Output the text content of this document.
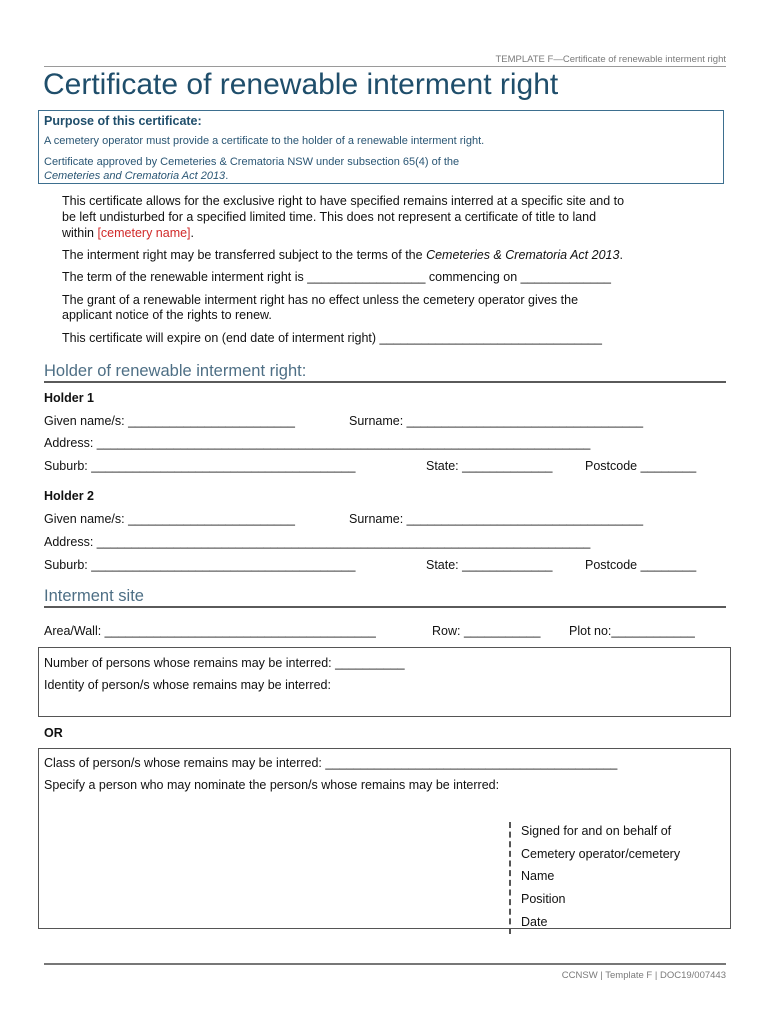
TEMPLATE F—Certificate of renewable interment right
Certificate of renewable interment right
Purpose of this certificate:
A cemetery operator must provide a certificate to the holder of a renewable interment right.
Certificate approved by Cemeteries & Crematoria NSW under subsection 65(4) of the
Cemeteries and Crematoria Act 2013.
This certificate allows for the exclusive right to have specified remains interred at a specific site and to
be left undisturbed for a specified limited time. This does not represent a certificate of title to land
within [cemetery name].
The interment right may be transferred subject to the terms of the Cemeteries & Crematoria Act 2013.
The term of the renewable interment right is _________________ commencing on _____________
The grant of a renewable interment right has no effect unless the cemetery operator gives the
applicant notice of the rights to renew.
This certificate will expire on (end date of interment right) ________________________________
Holder of renewable interment right:
Holder 1
Given name/s: ________________________	Surname: __________________________________
Address: _______________________________________________________________________
Suburb: ______________________________________	State: _____________	Postcode ________
Holder 2
Given name/s: ________________________	Surname: __________________________________
Address: _______________________________________________________________________
Suburb: ______________________________________	State: _____________	Postcode ________
Interment site
Area/Wall: _______________________________________	Row: ___________ Plot no:____________
Number of persons whose remains may be interred: __________
Identity of person/s whose remains may be interred:
OR
Class of person/s whose remains may be interred: __________________________________________
Specify a person who may nominate the person/s whose remains may be interred:
Signed for and on behalf of
Cemetery operator/cemetery
Name
Position
Date
CCNSW | Template F | DOC19/007443
